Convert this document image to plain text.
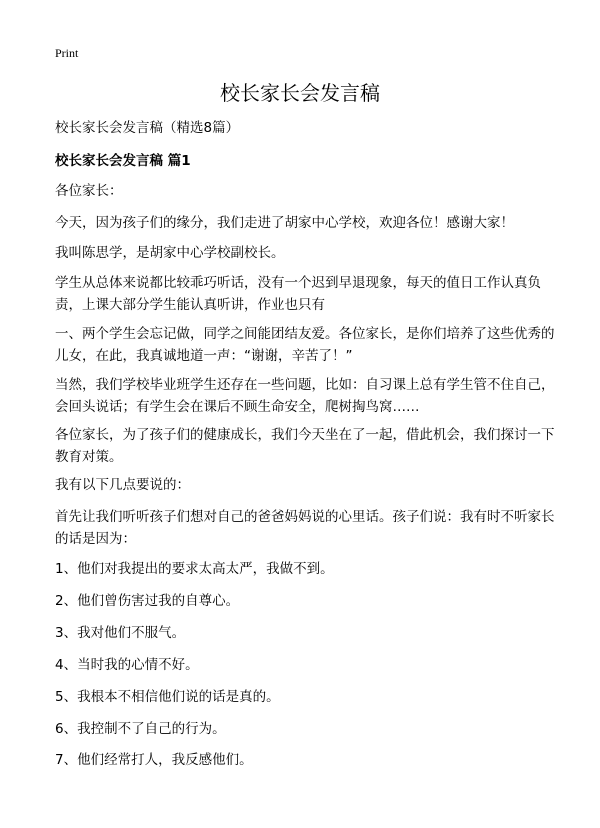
Print
校长家长会发言稿

校长家长会发言稿（精选8篇）

校长家长会发言稿 篇1

各位家长：

今天，因为孩子们的缘分，我们走进了胡家中心学校，欢迎各位！感谢大家！

我叫陈思学，是胡家中心学校副校长。

学生从总体来说都比较乖巧听话，没有一个迟到早退现象，每天的值日工作认真负责，上课大部分学生能认真听讲，作业也只有

一、两个学生会忘记做，同学之间能团结友爱。各位家长，是你们培养了这些优秀的儿女，在此，我真诚地道一声：“谢谢，辛苦了！”

当然，我们学校毕业班学生还存在一些问题，比如：自习课上总有学生管不住自己，会回头说话；有学生会在课后不顾生命安全，爬树掏鸟窝……

各位家长，为了孩子们的健康成长，我们今天坐在了一起，借此机会，我们探讨一下教育对策。

我有以下几点要说的：

首先让我们听听孩子们想对自己的爸爸妈妈说的心里话。孩子们说：我有时不听家长的话是因为：

1、他们对我提出的要求太高太严，我做不到。

2、他们曾伤害过我的自尊心。

3、我对他们不服气。

4、当时我的心情不好。

5、我根本不相信他们说的话是真的。

6、我控制不了自己的行为。

7、他们经常打人，我反感他们。
